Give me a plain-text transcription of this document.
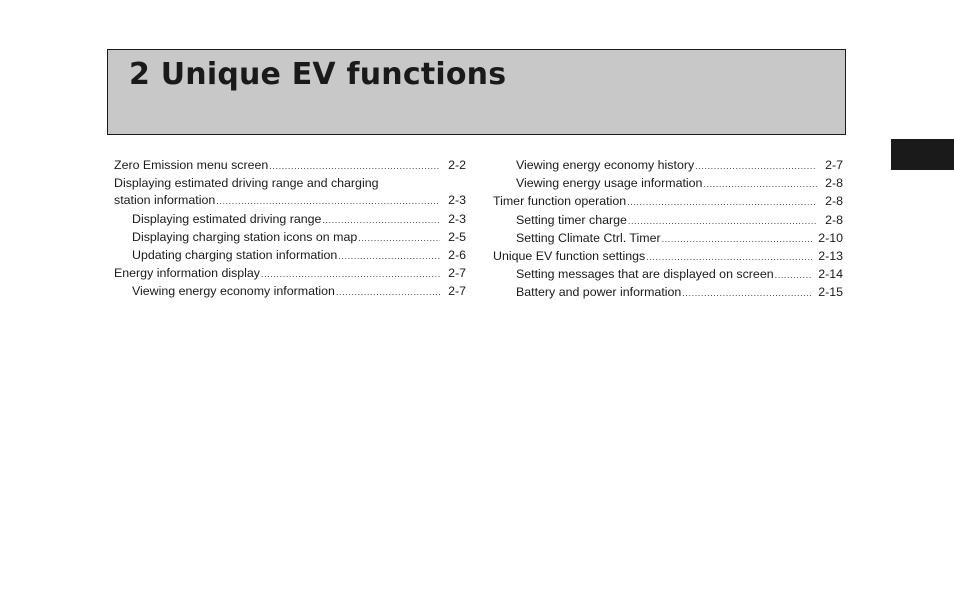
2 Unique EV functions
Zero Emission menu screen .....	2-2
Displaying estimated driving range and charging
station information .....	2-3
Displaying estimated driving range .....	2-3
Displaying charging station icons on map .....	2-5
Updating charging station information .....	2-6
Energy information display .....	2-7
Viewing energy economy information .....	2-7
Viewing energy economy history .....	2-7
Viewing energy usage information .....	2-8
Timer function operation .....	2-8
Setting timer charge .....	2-8
Setting Climate Ctrl. Timer .....	2-10
Unique EV function settings .....	2-13
Setting messages that are displayed on screen .....	2-14
Battery and power information .....	2-15
